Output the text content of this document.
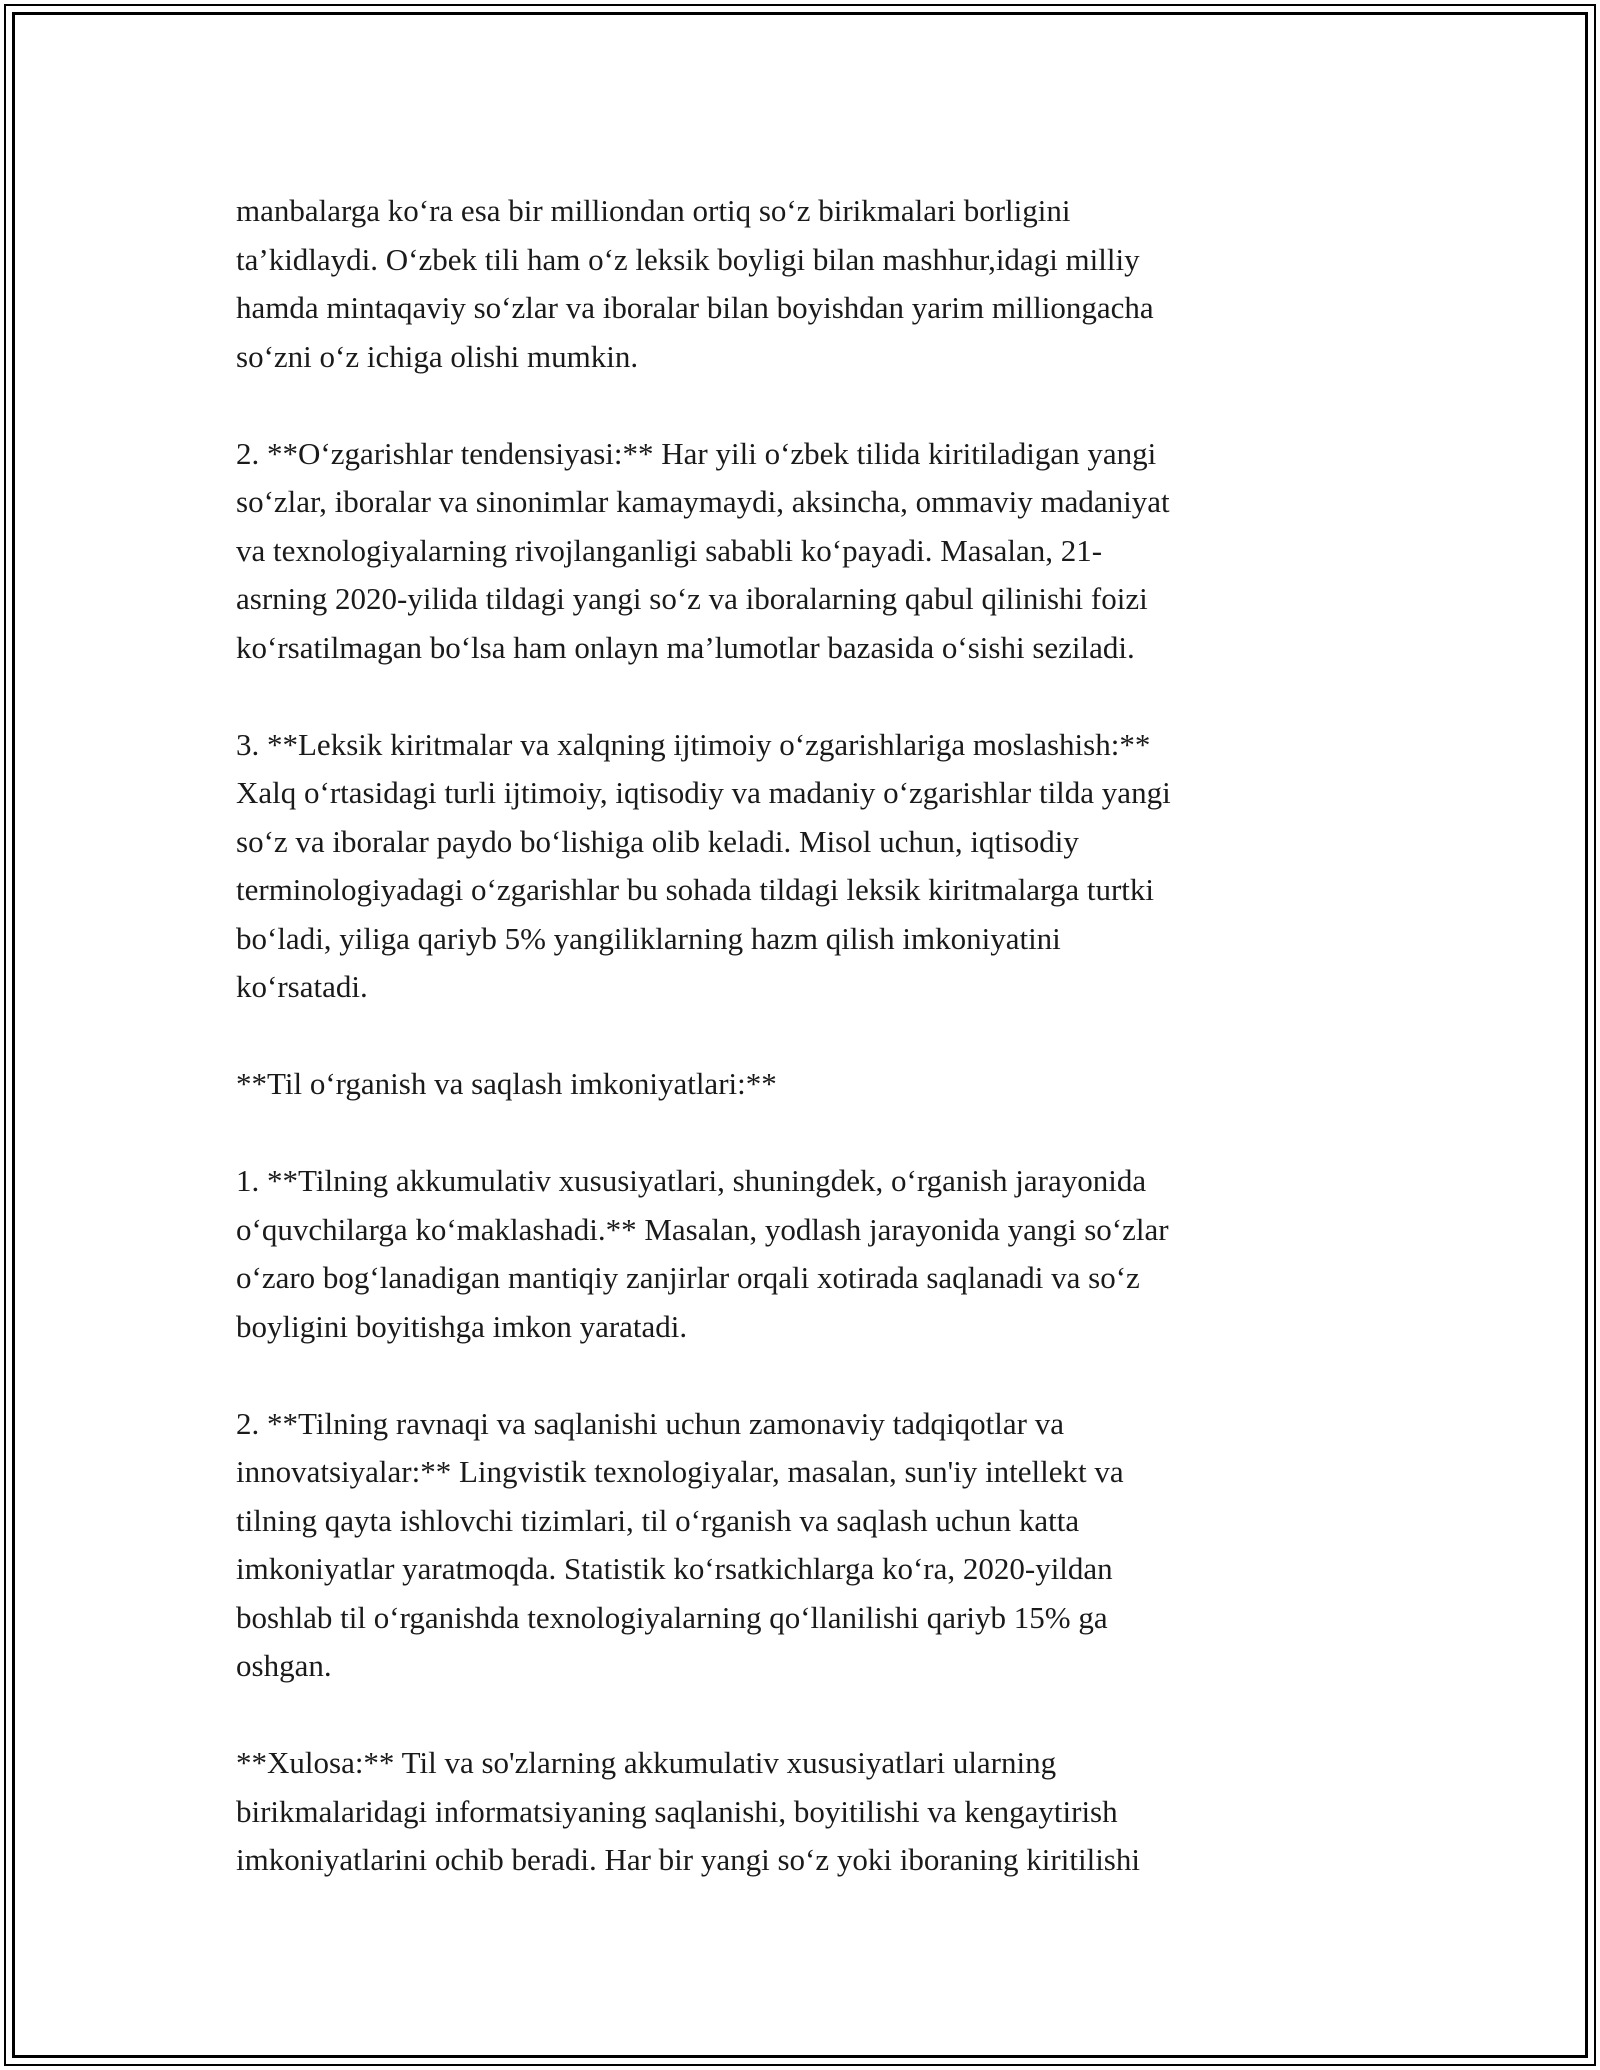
manbalarga ko‘ra esa bir milliondan ortiq so‘z birikmalari borligini
ta’kidlaydi. O‘zbek tili ham o‘z leksik boyligi bilan mashhur,idagi milliy
hamda mintaqaviy so‘zlar va iboralar bilan boyishdan yarim milliongacha
so‘zni o‘z ichiga olishi mumkin.

2. **O‘zgarishlar tendensiyasi:** Har yili o‘zbek tilida kiritiladigan yangi
so‘zlar, iboralar va sinonimlar kamaymaydi, aksincha, ommaviy madaniyat
va texnologiyalarning rivojlanganligi sababli ko‘payadi. Masalan, 21-
asrning 2020-yilida tildagi yangi so‘z va iboralarning qabul qilinishi foizi
ko‘rsatilmagan bo‘lsa ham onlayn ma’lumotlar bazasida o‘sishi seziladi.

3. **Leksik kiritmalar va xalqning ijtimoiy o‘zgarishlariga moslashish:**
Xalq o‘rtasidagi turli ijtimoiy, iqtisodiy va madaniy o‘zgarishlar tilda yangi
so‘z va iboralar paydo bo‘lishiga olib keladi. Misol uchun, iqtisodiy
terminologiyadagi o‘zgarishlar bu sohada tildagi leksik kiritmalarga turtki
bo‘ladi, yiliga qariyb 5% yangiliklarning hazm qilish imkoniyatini
ko‘rsatadi.

**Til o‘rganish va saqlash imkoniyatlari:**

1. **Tilning akkumulativ xususiyatlari, shuningdek, o‘rganish jarayonida
o‘quvchilarga ko‘maklashadi.** Masalan, yodlash jarayonida yangi so‘zlar
o‘zaro bog‘lanadigan mantiqiy zanjirlar orqali xotirada saqlanadi va so‘z
boyligini boyitishga imkon yaratadi.

2. **Tilning ravnaqi va saqlanishi uchun zamonaviy tadqiqotlar va
innovatsiyalar:** Lingvistik texnologiyalar, masalan, sun'iy intellekt va
tilning qayta ishlovchi tizimlari, til o‘rganish va saqlash uchun katta
imkoniyatlar yaratmoqda. Statistik ko‘rsatkichlarga ko‘ra, 2020-yildan
boshlab til o‘rganishda texnologiyalarning qo‘llanilishi qariyb 15% ga
oshgan.

**Xulosa:** Til va so'zlarning akkumulativ xususiyatlari ularning
birikmalaridagi informatsiyaning saqlanishi, boyitilishi va kengaytirish
imkoniyatlarini ochib beradi. Har bir yangi so‘z yoki iboraning kiritilishi
